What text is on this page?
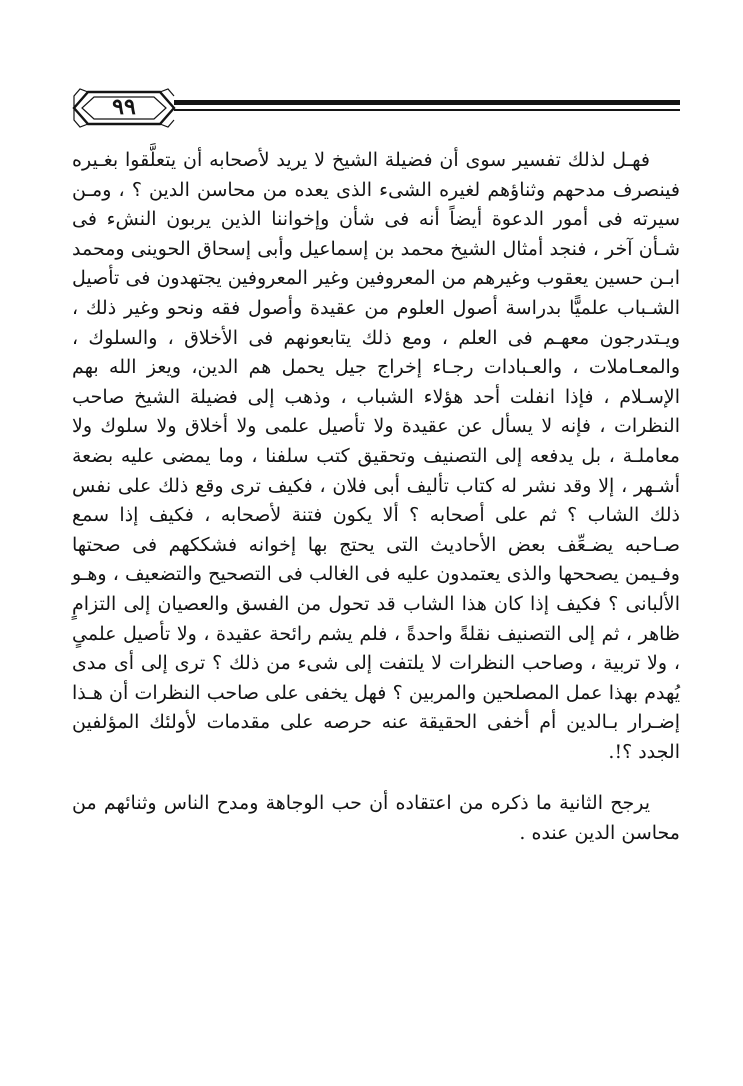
٩٩

فهـل لذلك تفسير سوى أن فضيلة الشيخ لا يريد لأصحابه أن يتعلَّقوا بغـيره فينصرف مدحهم وثناؤهم لغيره الشىء الذى يعده من محاسن الدين ؟ ، ومـن سيرته فى أمور الدعوة أيضاً أنه فى شأن وإخواننا الذين يربون النشء فى شـأن آخر ، فنجد أمثال الشيخ محمد بن إسماعيل وأبى إسحاق الحوينى ومحمد ابـن حسين يعقوب وغيرهم من المعروفين وغير المعروفين يجتهدون فى تأصيل الشـباب علميًّا بدراسة أصول العلوم من عقيدة وأصول فقه ونحو وغير ذلك ، ويـتدرجون معهـم فى العلم ، ومع ذلك يتابعونهم فى الأخلاق ، والسلوك ، والمعـاملات ، والعـبادات رجـاء إخراج جيل يحمل هم الدين، ويعز الله بهم الإسـلام ، فإذا انفلت أحد هؤلاء الشباب ، وذهب إلى فضيلة الشيخ صاحب النظرات ، فإنه لا يسأل عن عقيدة ولا تأصيل علمى ولا أخلاق ولا سلوك ولا معاملـة ، بل يدفعه إلى التصنيف وتحقيق كتب سلفنا ، وما يمضى عليه بضعة أشـهر ، إلا وقد نشر له كتاب تأليف أبى فلان ، فكيف ترى وقع ذلك على نفس ذلك الشاب ؟ ثم على أصحابه ؟ ألا يكون فتنة لأصحابه ، فكيف إذا سمع صـاحبه يضـعِّف بعض الأحاديث التى يحتج بها إخوانه فشككهم فى صحتها وفـيمن يصححها والذى يعتمدون عليه فى الغالب فى التصحيح والتضعيف ، وهـو الألبانى ؟ فكيف إذا كان هذا الشاب قد تحول من الفسق والعصيان إلى التزامٍ ظاهر ، ثم إلى التصنيف نقلةً واحدةً ، فلم يشم رائحة عقيدة ، ولا تأصيل علمىٍ ، ولا تربية ، وصاحب النظرات لا يلتفت إلى شىء من ذلك ؟ ترى إلى أى مدى يُهدم بهذا عمل المصلحين والمربين ؟ فهل يخفى على صاحب النظرات أن هـذا إضـرار بـالدين أم أخفى الحقيقة عنه حرصه على مقدمات لأولئك المؤلفين الجدد ؟!.

يرجح الثانية ما ذكره من اعتقاده أن حب الوجاهة ومدح الناس وثنائهم من محاسن الدين عنده .
